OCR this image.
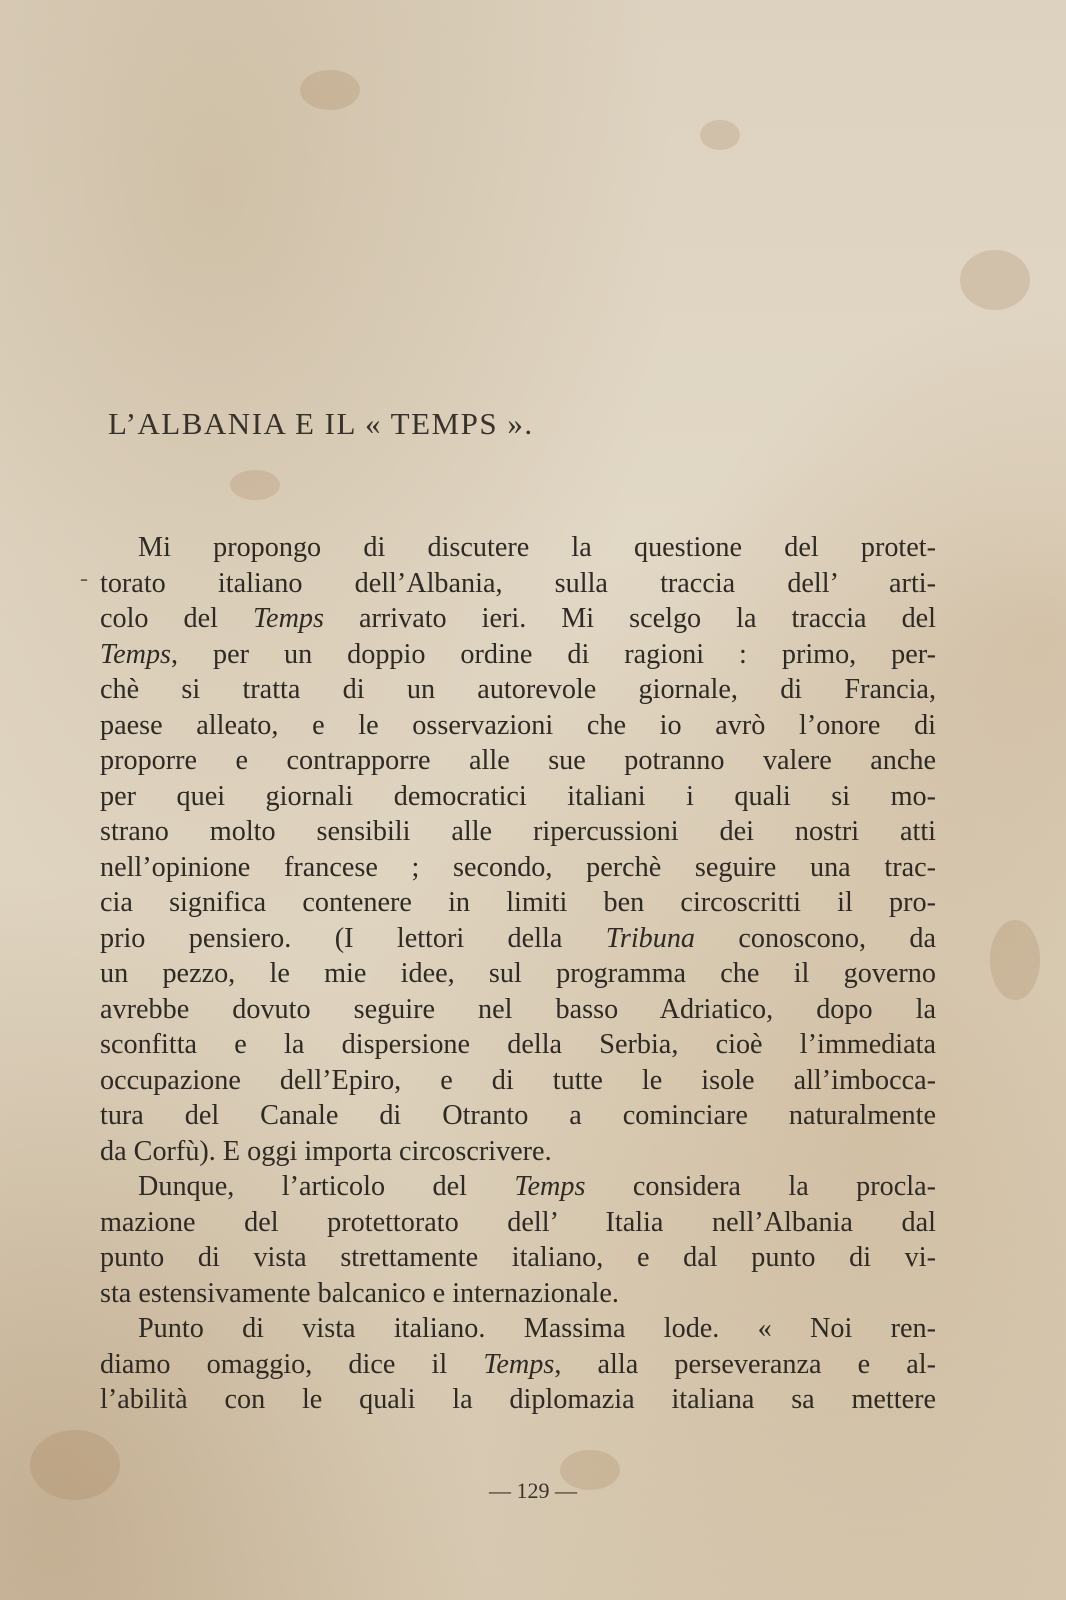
L’ALBANIA E IL « TEMPS ».
-
Mi propongo di discutere la questione del protet-
torato italiano dell’Albania, sulla traccia dell’ arti-
colo del Temps arrivato ieri. Mi scelgo la traccia del
Temps, per un doppio ordine di ragioni : primo, per-
chè si tratta di un autorevole giornale, di Francia,
paese alleato, e le osservazioni che io avrò l’onore di
proporre e contrapporre alle sue potranno valere anche
per quei giornali democratici italiani i quali si mo-
strano molto sensibili alle ripercussioni dei nostri atti
nell’opinione francese ; secondo, perchè seguire una trac-
cia significa contenere in limiti ben circoscritti il pro-
prio pensiero. (I lettori della Tribuna conoscono, da
un pezzo, le mie idee, sul programma che il governo
avrebbe dovuto seguire nel basso Adriatico, dopo la
sconfitta e la dispersione della Serbia, cioè l’immediata
occupazione dell’Epiro, e di tutte le isole all’imbocca-
tura del Canale di Otranto a cominciare naturalmente
da Corfù). E oggi importa circoscrivere.
Dunque, l’articolo del Temps considera la procla-
mazione del protettorato dell’ Italia nell’Albania dal
punto di vista strettamente italiano, e dal punto di vi-
sta estensivamente balcanico e internazionale.
Punto di vista italiano. Massima lode. « Noi ren-
diamo omaggio, dice il Temps, alla perseveranza e al-
l’abilità con le quali la diplomazia italiana sa mettere
— 129 —
